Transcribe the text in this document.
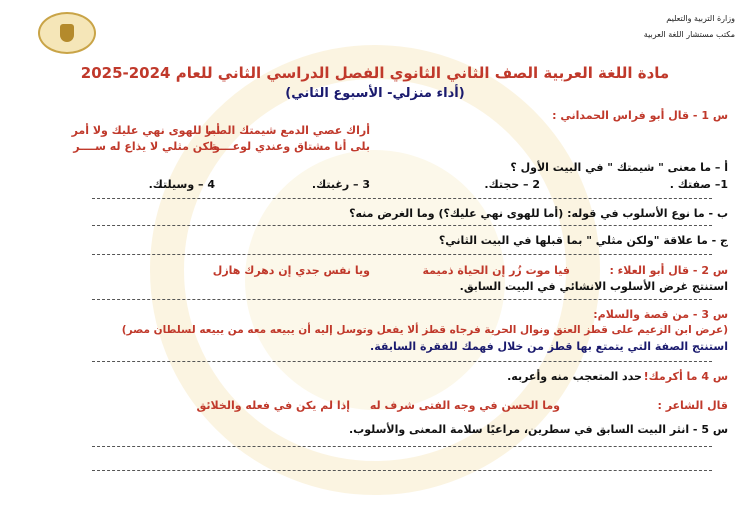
وزارة التربية والتعليم
مكتب مستشار اللغة العربية
مادة اللغة العربية الصف الثاني الثانوي الفصل الدراسي الثاني للعام 2024-2025
(أداء منزلي- الأسبوع الثاني)
س 1 - قال أبو فراس الحمداني :
أراك عصي الدمع شيمتك الصبر
أما للهوى نهي عليك ولا أمر
بلى أنا مشتاق وعندي لوعــــة
ولكن مثلي لا يذاع له ســــر
أ – ما معنى " شيمتك " في البيت الأول ؟
1– صفتك .
2 – حجتك.
3 – رغبتك.
4 – وسيلتك.
ب - ما نوع الأسلوب في قوله: (أما للهوى نهي عليك؟) وما الغرض منه؟
ج - ما علاقة "ولكن مثلي " بما قبلها في البيت الثاني؟
س 2 - قال أبو العلاء :
فيا موت زُر إن الحياة ذميمة
ويا نفس جدي إن دهرك هازل
استنتج غرض الأسلوب الانشائي في البيت السابق.
س 3 - من قصة والسلام:
(عرض ابن الزعيم على قطز العتق ونوال الحرية فرجاه قطز ألا يفعل وتوسل إليه أن يبيعه معه من يبيعه لسلطان مصر)
استنتج الصفة التي يتمتع بها قطز من خلال فهمك للفقرة السابقة.
س 4 ما أكرمك!
حدد المتعجب منه وأعربه.
قال الشاعر :
وما الحسن في وجه الفتى شرف له
إذا لم يكن في فعله والخلائق
س 5 - انثر البيت السابق في سطرين، مراعيًا سلامة المعنى والأسلوب.
